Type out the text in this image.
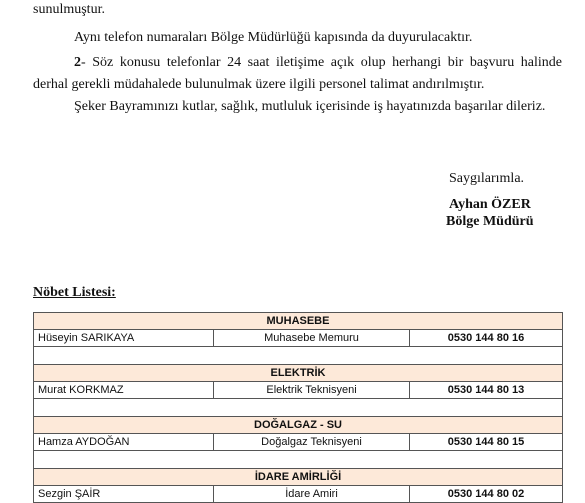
sunulmuştur.
Aynı telefon numaraları Bölge Müdürlüğü kapısında da duyurulacaktır.
2- Söz konusu telefonlar 24 saat iletişime açık olup herhangi bir başvuru halinde derhal gerekli müdahalede bulunulmak üzere ilgili personel talimat andırılmıştır.
Şeker Bayramınızı kutlar, sağlık, mutluluk içerisinde iş hayatınızda başarılar dileriz.
Saygılarımla.
Ayhan ÖZER
Bölge Müdürü
Nöbet Listesi:
MUHASEBE		
Hüseyin SARIKAYA	Muhasebe Memuru	0530 144 80 16

ELEKTRİK		
Murat KORKMAZ	Elektrik Teknisyeni	0530 144 80 13

DOĞALGAZ - SU		
Hamza AYDOĞAN	Doğalgaz Teknisyeni	0530 144 80 15

İDARE AMİRLİĞİ		
Sezgin ŞAİR	İdare Amiri	0530 144 80 02
